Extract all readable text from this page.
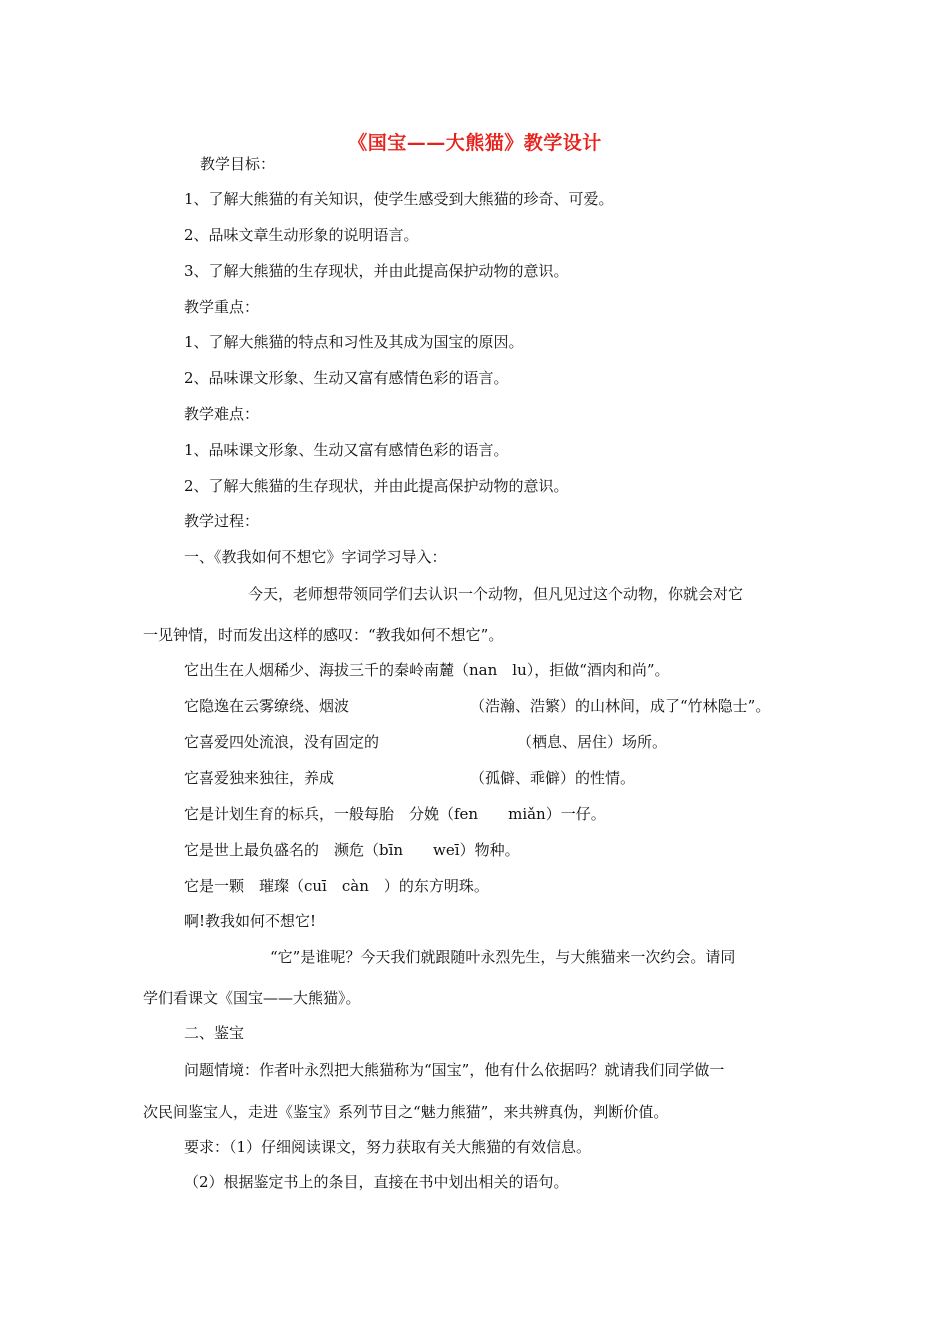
《国宝——大熊猫》教学设计
教学目标：
1、了解大熊猫的有关知识，使学生感受到大熊猫的珍奇、可爱。
2、品味文章生动形象的说明语言。
3、了解大熊猫的生存现状，并由此提高保护动物的意识。
教学重点：
1、了解大熊猫的特点和习性及其成为国宝的原因。
2、品味课文形象、生动又富有感情色彩的语言。
教学难点：
1、品味课文形象、生动又富有感情色彩的语言。
2、了解大熊猫的生存现状，并由此提高保护动物的意识。
教学过程：
一、《教我如何不想它》字词学习导入：
今天，老师想带领同学们去认识一个动物，但凡见过这个动物，你就会对它
一见钟情，时而发出这样的感叹：“教我如何不想它”。
它出生在人烟稀少、海拔三千的秦岭南麓（nan　lu），拒做“酒肉和尚”。
它隐逸在云雾缭绕、烟波	（浩瀚、浩繁）的山林间，成了“竹林隐士”。
它喜爱四处流浪，没有固定的	（栖息、居住）场所。
它喜爱独来独往，养成	（孤僻、乖僻）的性情。
它是计划生育的标兵，一般每胎　分娩（fen　　miǎn）一仔。
它是世上最负盛名的　濒危（bīn　　weī）物种。
它是一颗　璀璨（cuī　càn　）的东方明珠。
啊!教我如何不想它!
“它”是谁呢？今天我们就跟随叶永烈先生，与大熊猫来一次约会。请同
学们看课文《国宝——大熊猫》。
二、鉴宝
问题情境：作者叶永烈把大熊猫称为“国宝”，他有什么依据吗？就请我们同学做一
次民间鉴宝人，走进《鉴宝》系列节目之“魅力熊猫”，来共辨真伪，判断价值。
要求：（1）仔细阅读课文，努力获取有关大熊猫的有效信息。
（2）根据鉴定书上的条目，直接在书中划出相关的语句。
